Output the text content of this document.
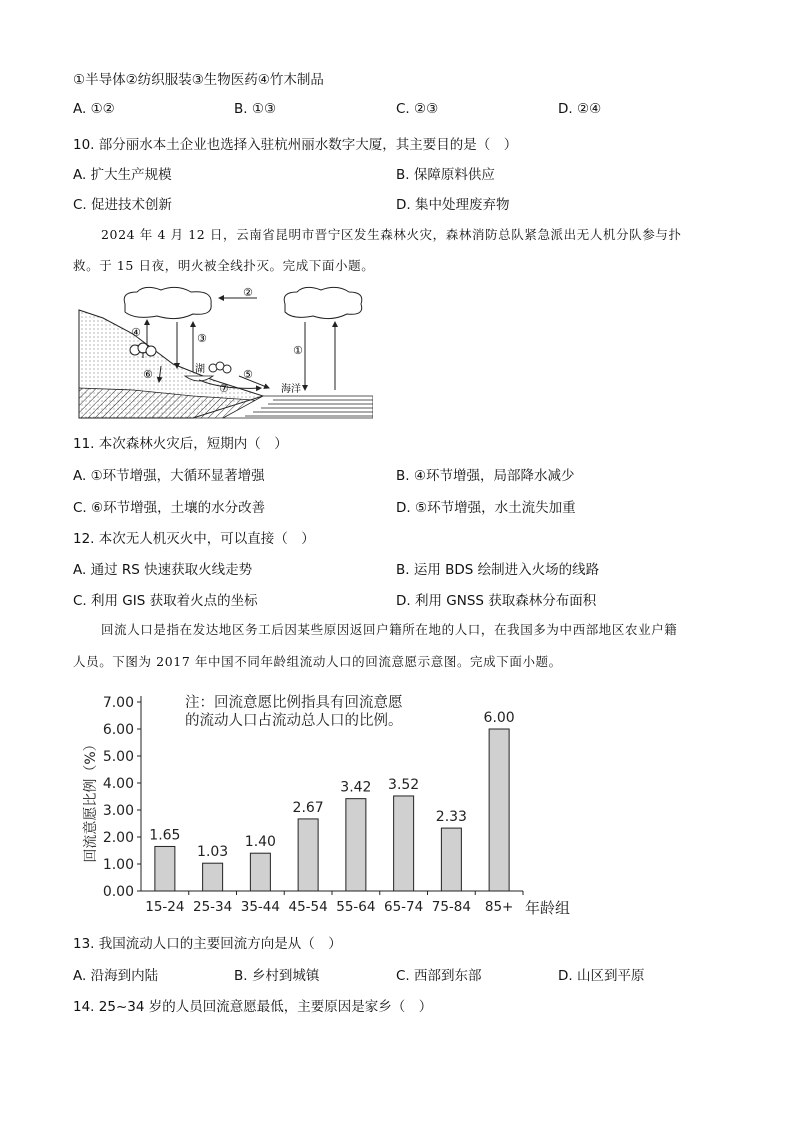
①半导体②纺织服装③生物医药④竹木制品
A. ①②	B. ①③	C. ②③	D. ②④
10. 部分丽水本土企业也选择入驻杭州丽水数字大厦，其主要目的是（　）
A. 扩大生产规模	B. 保障原料供应
C. 促进技术创新	D. 集中处理废弃物
2024 年 4 月 12 日，云南省昆明市晋宁区发生森林火灾，森林消防总队紧急派出无人机分队参与扑
救。于 15 日夜，明火被全线扑灭。完成下面小题。
①
②
③
④
⑤
⑥
⑦
湖
海洋
11. 本次森林火灾后，短期内（　）
A. ①环节增强，大循环显著增强	B. ④环节增强，局部降水减少
C. ⑥环节增强，土壤的水分改善	D. ⑤环节增强，水土流失加重
12. 本次无人机灭火中，可以直接（　）
A. 通过 RS 快速获取火线走势	B. 运用 BDS 绘制进入火场的线路
C. 利用 GIS 获取着火点的坐标	D. 利用 GNSS 获取森林分布面积
回流人口是指在发达地区务工后因某些原因返回户籍所在地的人口，在我国多为中西部地区农业户籍
人员。下图为 2017 年中国不同年龄组流动人口的回流意愿示意图。完成下面小题。
0.00
1.00
2.00
3.00
4.00
5.00
6.00
7.00
1.65
15-24
1.03
25-34
1.40
35-44
2.67
45-54
3.42
55-64
3.52
65-74
2.33
75-84
6.00
85+
回流意愿比例（%）
年龄组
注：回流意愿比例指具有回流意愿
的流动人口占流动总人口的比例。
13. 我国流动人口的主要回流方向是从（　）
A. 沿海到内陆	B. 乡村到城镇	C. 西部到东部	D. 山区到平原
14. 25~34 岁的人员回流意愿最低，主要原因是家乡（　）
